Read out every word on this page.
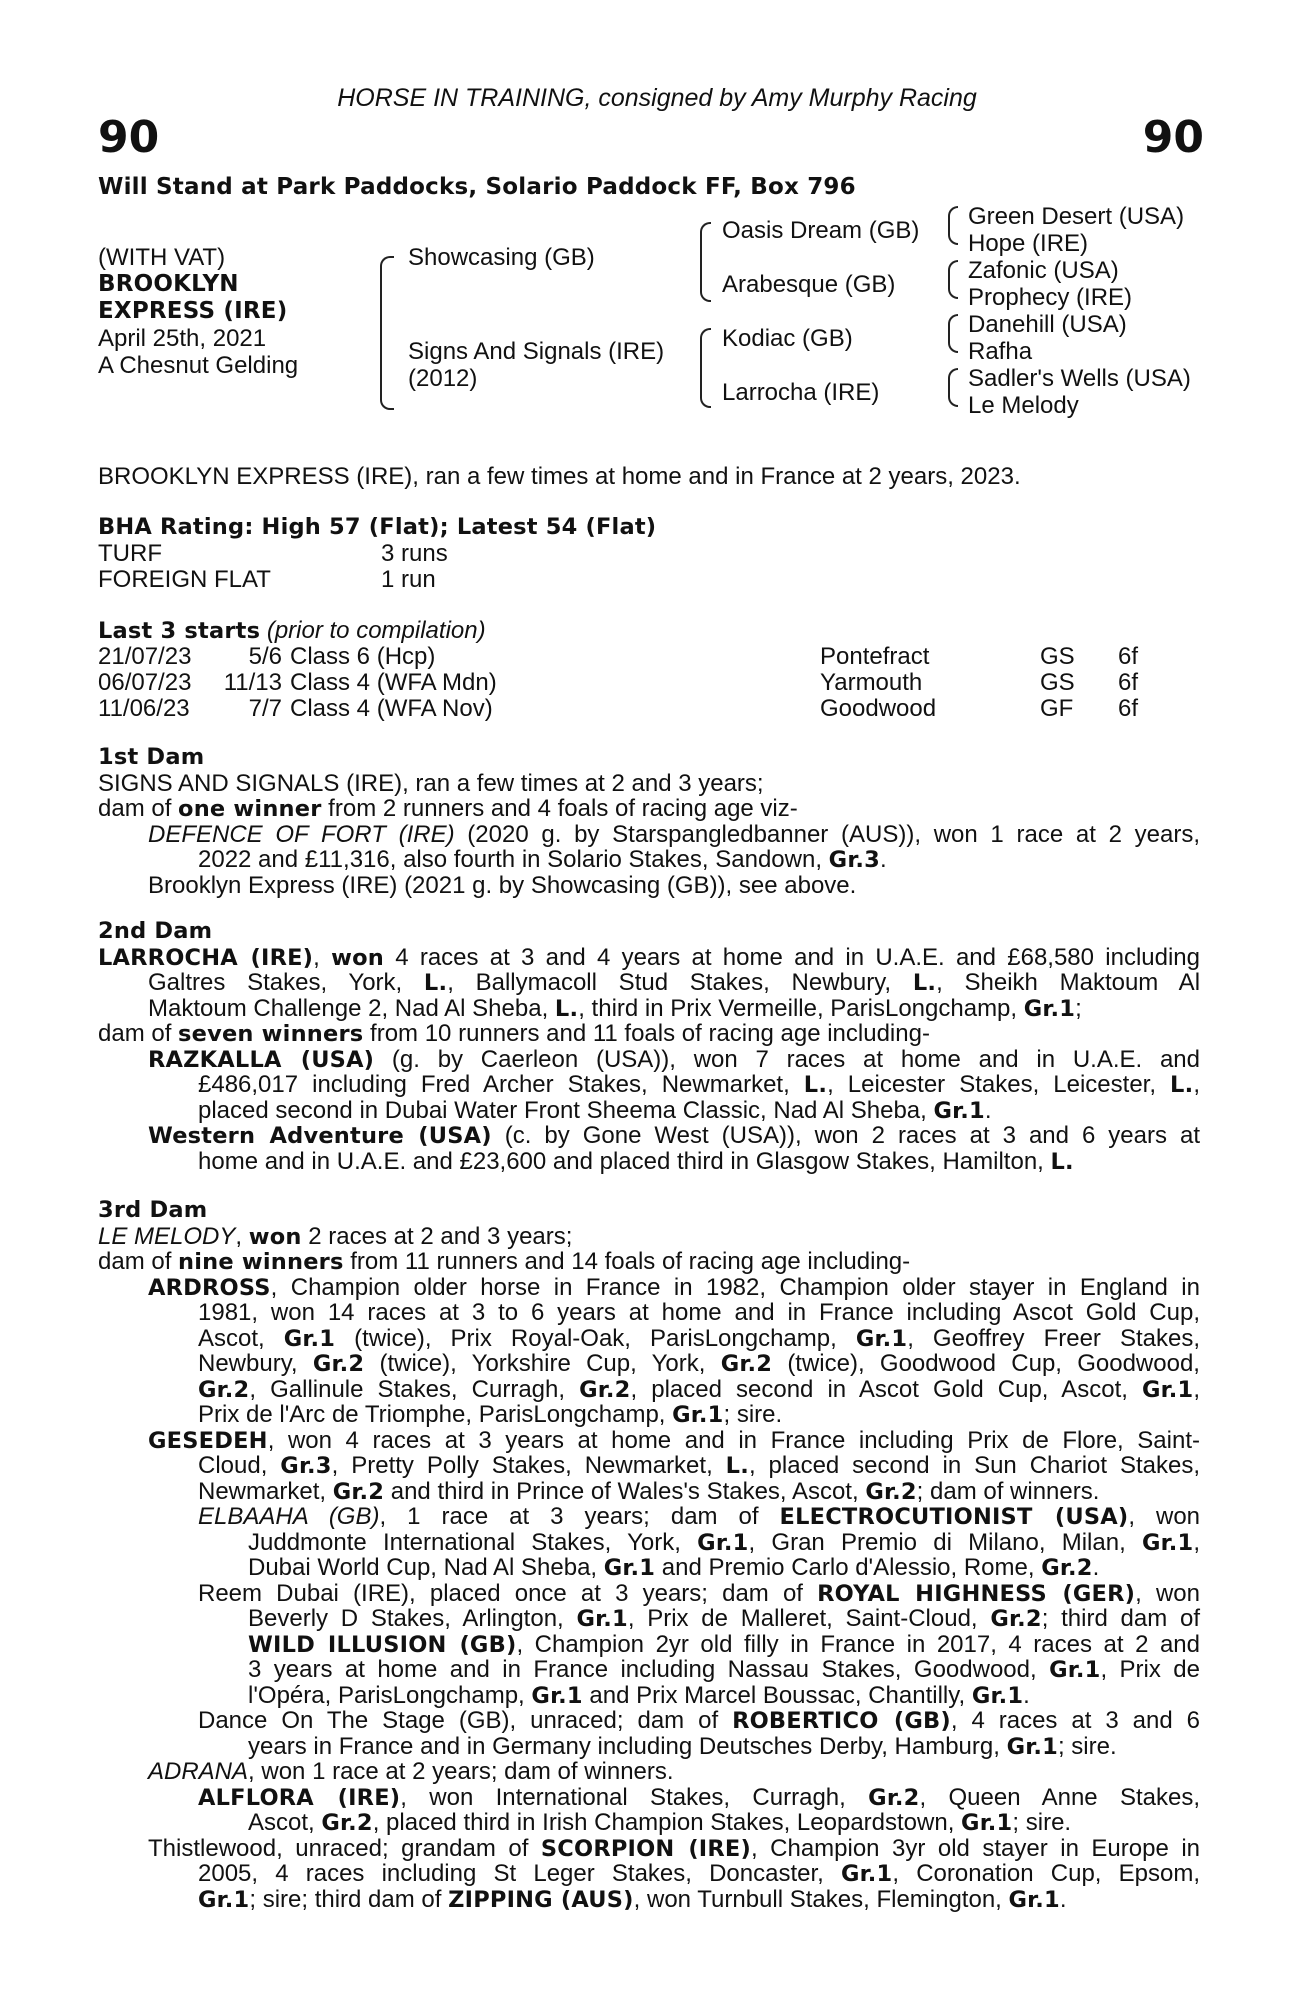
HORSE IN TRAINING, consigned by Amy Murphy Racing
90	90
Will Stand at Park Paddocks, Solario Paddock FF, Box 796
(WITH VAT)
BROOKLYN
EXPRESS (IRE)
April 25th, 2021
A Chesnut Gelding
Showcasing (GB)
Signs And Signals (IRE)
(2012)
Oasis Dream (GB)
Arabesque (GB)
Kodiac (GB)
Larrocha (IRE)
Green Desert (USA)
Hope (IRE)
Zafonic (USA)
Prophecy (IRE)
Danehill (USA)
Rafha
Sadler's Wells (USA)
Le Melody
BROOKLYN EXPRESS (IRE), ran a few times at home and in France at 2 years, 2023.
BHA Rating: High 57 (Flat); Latest 54 (Flat)
TURF	3 runs
FOREIGN FLAT	1 run
Last 3 starts (prior to compilation)
21/07/23 5/6 Class 6 (Hcp)	Pontefract	GS 6f
06/07/23 11/13 Class 4 (WFA Mdn)	Yarmouth	GS 6f
11/06/23 7/7 Class 4 (WFA Nov)	Goodwood	GF 6f
1st Dam
SIGNS AND SIGNALS (IRE), ran a few times at 2 and 3 years;
dam of one winner from 2 runners and 4 foals of racing age viz-
DEFENCE OF FORT (IRE) (2020 g. by Starspangledbanner (AUS)), won 1 race at 2 years,
2022 and £11,316, also fourth in Solario Stakes, Sandown, Gr.3.
Brooklyn Express (IRE) (2021 g. by Showcasing (GB)), see above.
2nd Dam
LARROCHA (IRE), won 4 races at 3 and 4 years at home and in U.A.E. and £68,580 including
Galtres Stakes, York, L., Ballymacoll Stud Stakes, Newbury, L., Sheikh Maktoum Al
Maktoum Challenge 2, Nad Al Sheba, L., third in Prix Vermeille, ParisLongchamp, Gr.1;
dam of seven winners from 10 runners and 11 foals of racing age including-
RAZKALLA (USA) (g. by Caerleon (USA)), won 7 races at home and in U.A.E. and
£486,017 including Fred Archer Stakes, Newmarket, L., Leicester Stakes, Leicester, L.,
placed second in Dubai Water Front Sheema Classic, Nad Al Sheba, Gr.1.
Western Adventure (USA) (c. by Gone West (USA)), won 2 races at 3 and 6 years at
home and in U.A.E. and £23,600 and placed third in Glasgow Stakes, Hamilton, L.
3rd Dam
LE MELODY, won 2 races at 2 and 3 years;
dam of nine winners from 11 runners and 14 foals of racing age including-
ARDROSS, Champion older horse in France in 1982, Champion older stayer in England in
1981, won 14 races at 3 to 6 years at home and in France including Ascot Gold Cup,
Ascot, Gr.1 (twice), Prix Royal-Oak, ParisLongchamp, Gr.1, Geoffrey Freer Stakes,
Newbury, Gr.2 (twice), Yorkshire Cup, York, Gr.2 (twice), Goodwood Cup, Goodwood,
Gr.2, Gallinule Stakes, Curragh, Gr.2, placed second in Ascot Gold Cup, Ascot, Gr.1,
Prix de l'Arc de Triomphe, ParisLongchamp, Gr.1; sire.
GESEDEH, won 4 races at 3 years at home and in France including Prix de Flore, Saint-
Cloud, Gr.3, Pretty Polly Stakes, Newmarket, L., placed second in Sun Chariot Stakes,
Newmarket, Gr.2 and third in Prince of Wales's Stakes, Ascot, Gr.2; dam of winners.
ELBAAHA (GB), 1 race at 3 years; dam of ELECTROCUTIONIST (USA), won
Juddmonte International Stakes, York, Gr.1, Gran Premio di Milano, Milan, Gr.1,
Dubai World Cup, Nad Al Sheba, Gr.1 and Premio Carlo d'Alessio, Rome, Gr.2.
Reem Dubai (IRE), placed once at 3 years; dam of ROYAL HIGHNESS (GER), won
Beverly D Stakes, Arlington, Gr.1, Prix de Malleret, Saint-Cloud, Gr.2; third dam of
WILD ILLUSION (GB), Champion 2yr old filly in France in 2017, 4 races at 2 and
3 years at home and in France including Nassau Stakes, Goodwood, Gr.1, Prix de
l'Opéra, ParisLongchamp, Gr.1 and Prix Marcel Boussac, Chantilly, Gr.1.
Dance On The Stage (GB), unraced; dam of ROBERTICO (GB), 4 races at 3 and 6
years in France and in Germany including Deutsches Derby, Hamburg, Gr.1; sire.
ADRANA, won 1 race at 2 years; dam of winners.
ALFLORA (IRE), won International Stakes, Curragh, Gr.2, Queen Anne Stakes,
Ascot, Gr.2, placed third in Irish Champion Stakes, Leopardstown, Gr.1; sire.
Thistlewood, unraced; grandam of SCORPION (IRE), Champion 3yr old stayer in Europe in
2005, 4 races including St Leger Stakes, Doncaster, Gr.1, Coronation Cup, Epsom,
Gr.1; sire; third dam of ZIPPING (AUS), won Turnbull Stakes, Flemington, Gr.1.
